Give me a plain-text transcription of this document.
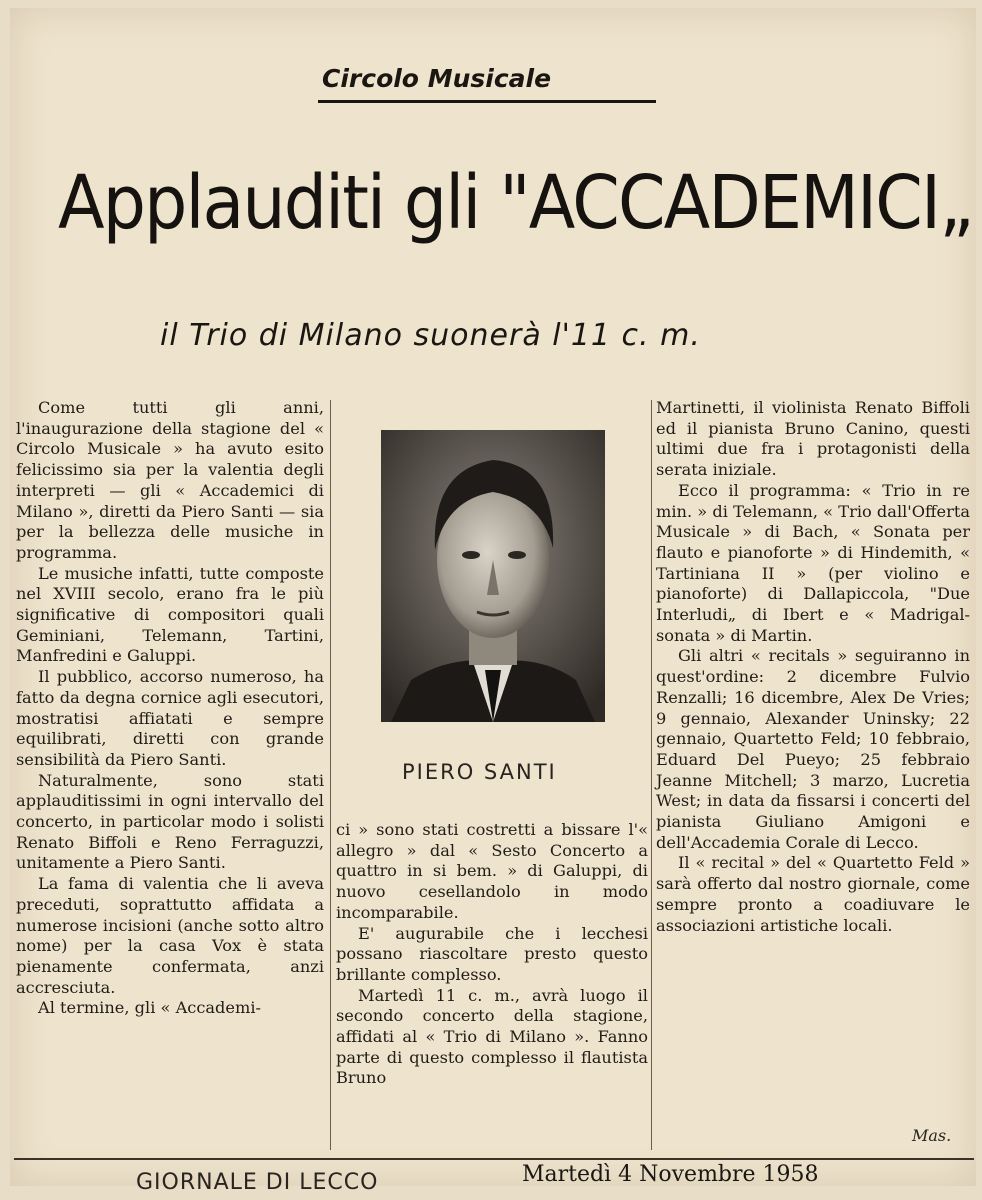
Circolo Musicale
Applauditi gli "ACCADEMICI„
il Trio di Milano suonerà l'11 c. m.

Come tutti gli anni, l'inaugurazione della stagione del « Circolo Musicale » ha avuto esito felicissimo sia per la valentia degli interpreti — gli « Accademici di Milano », diretti da Piero Santi — sia per la bellezza delle musiche in programma.

Le musiche infatti, tutte composte nel XVIII secolo, erano fra le più significative di compositori quali Geminiani, Telemann, Tartini, Manfredini e Galuppi.

Il pubblico, accorso numeroso, ha fatto da degna cornice agli esecutori, mostratisi affiatati e sempre equilibrati, diretti con grande sensibilità da Piero Santi.

Naturalmente, sono stati applauditissimi in ogni intervallo del concerto, in particolar modo i solisti Renato Biffoli e Reno Ferraguzzi, unitamente a Piero Santi.

La fama di valentia che li aveva preceduti, soprattutto affidata a numerose incisioni (anche sotto altro nome) per la casa Vox è stata pienamente confermata, anzi accresciuta.

Al termine, gli « Accademi-

PIERO SANTI

ci » sono stati costretti a bissare l'« allegro » dal « Sesto Concerto a quattro in si bem. » di Galuppi, di nuovo cesellandolo in modo incomparabile.

E' augurabile che i lecchesi possano riascoltare presto questo brillante complesso.

Martedì 11 c. m., avrà luogo il secondo concerto della stagione, affidati al « Trio di Milano ». Fanno parte di questo complesso il flautista Bruno

Martinetti, il violinista Renato Biffoli ed il pianista Bruno Canino, questi ultimi due fra i protagonisti della serata iniziale.

Ecco il programma: « Trio in re min. » di Telemann, « Trio dall'Offerta Musicale » di Bach, « Sonata per flauto e pianoforte » di Hindemith, « Tartiniana II » (per violino e pianoforte) di Dallapiccola, "Due Interludi„ di Ibert e « Madrigal-sonata » di Martin.

Gli altri « recitals » seguiranno in quest'ordine: 2 dicembre Fulvio Renzalli; 16 dicembre, Alex De Vries; 9 gennaio, Alexander Uninsky; 22 gennaio, Quartetto Feld; 10 febbraio, Eduard Del Pueyo; 25 febbraio Jeanne Mitchell; 3 marzo, Lucretia West; in data da fissarsi i concerti del pianista Giuliano Amigoni e dell'Accademia Corale di Lecco.

Il « recital » del « Quartetto Feld » sarà offerto dal nostro giornale, come sempre pronto a coadiuvare le associazioni artistiche locali.

Mas.
GIORNALE DI LECCO	Martedì 4 Novembre 1958
